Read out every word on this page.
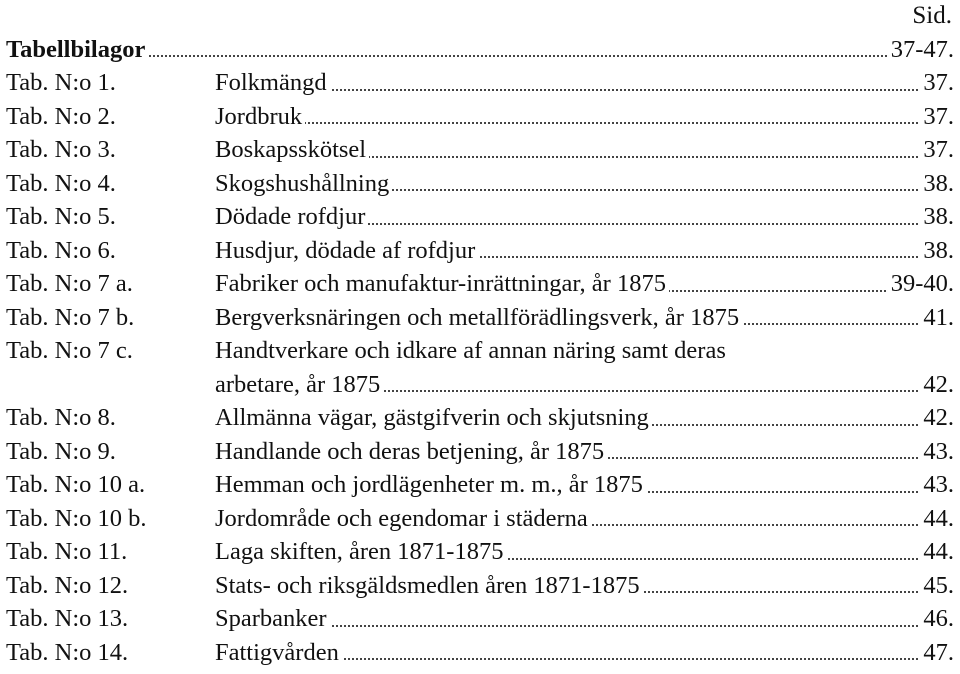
Sid.
Tabellbilagor	37-47.
Tab. N:o 1.	Folkmängd	37.
Tab. N:o 2.	Jordbruk	37.
Tab. N:o 3.	Boskapsskötsel	37.
Tab. N:o 4.	Skogshushållning	38.
Tab. N:o 5.	Dödade rofdjur	38.
Tab. N:o 6.	Husdjur, dödade af rofdjur	38.
Tab. N:o 7 a.	Fabriker och manufaktur-inrättningar, år 1875	39-40.
Tab. N:o 7 b.	Bergverksnäringen och metallförädlingsverk, år 1875	41.
Tab. N:o 7 c.	Handtverkare och idkare af annan näring samt deras
arbetare, år 1875	42.
Tab. N:o 8.	Allmänna vägar, gästgifverin och skjutsning	42.
Tab. N:o 9.	Handlande och deras betjening, år 1875	43.
Tab. N:o 10 a.	Hemman och jordlägenheter m. m., år 1875	43.
Tab. N:o 10 b.	Jordområde och egendomar i städerna	44.
Tab. N:o 11.	Laga skiften, åren 1871-1875	44.
Tab. N:o 12.	Stats- och riksgäldsmedlen åren 1871-1875	45.
Tab. N:o 13.	Sparbanker	46.
Tab. N:o 14.	Fattigvården	47.
